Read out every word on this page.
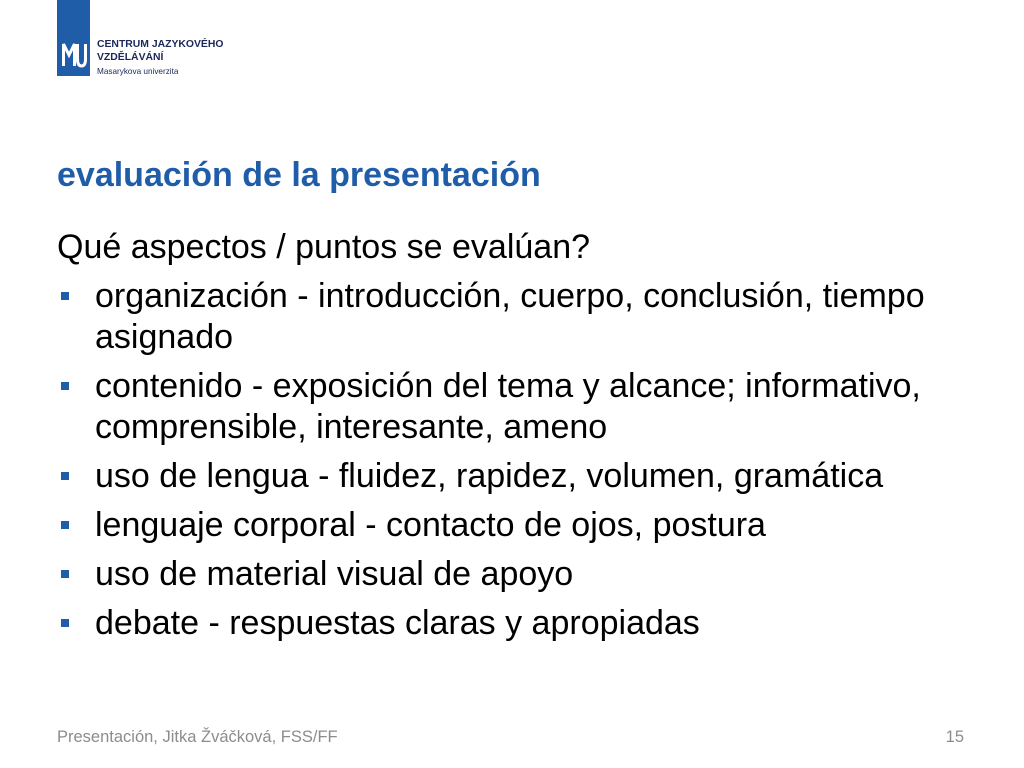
CENTRUM JAZYKOVÉHO
VZDĚLÁVÁNÍ
Masarykova univerzita
evaluación de la presentación

Qué aspectos / puntos se evalúan?

organización - introducción, cuerpo, conclusión, tiempo asignado
contenido - exposición del tema y alcance; informativo, comprensible, interesante, ameno
uso de lengua - fluidez, rapidez, volumen, gramática
lenguaje corporal - contacto de ojos, postura
uso de material visual de apoyo
debate - respuestas claras y apropiadas
Presentación, Jitka Žváčková, FSS/FF	15
